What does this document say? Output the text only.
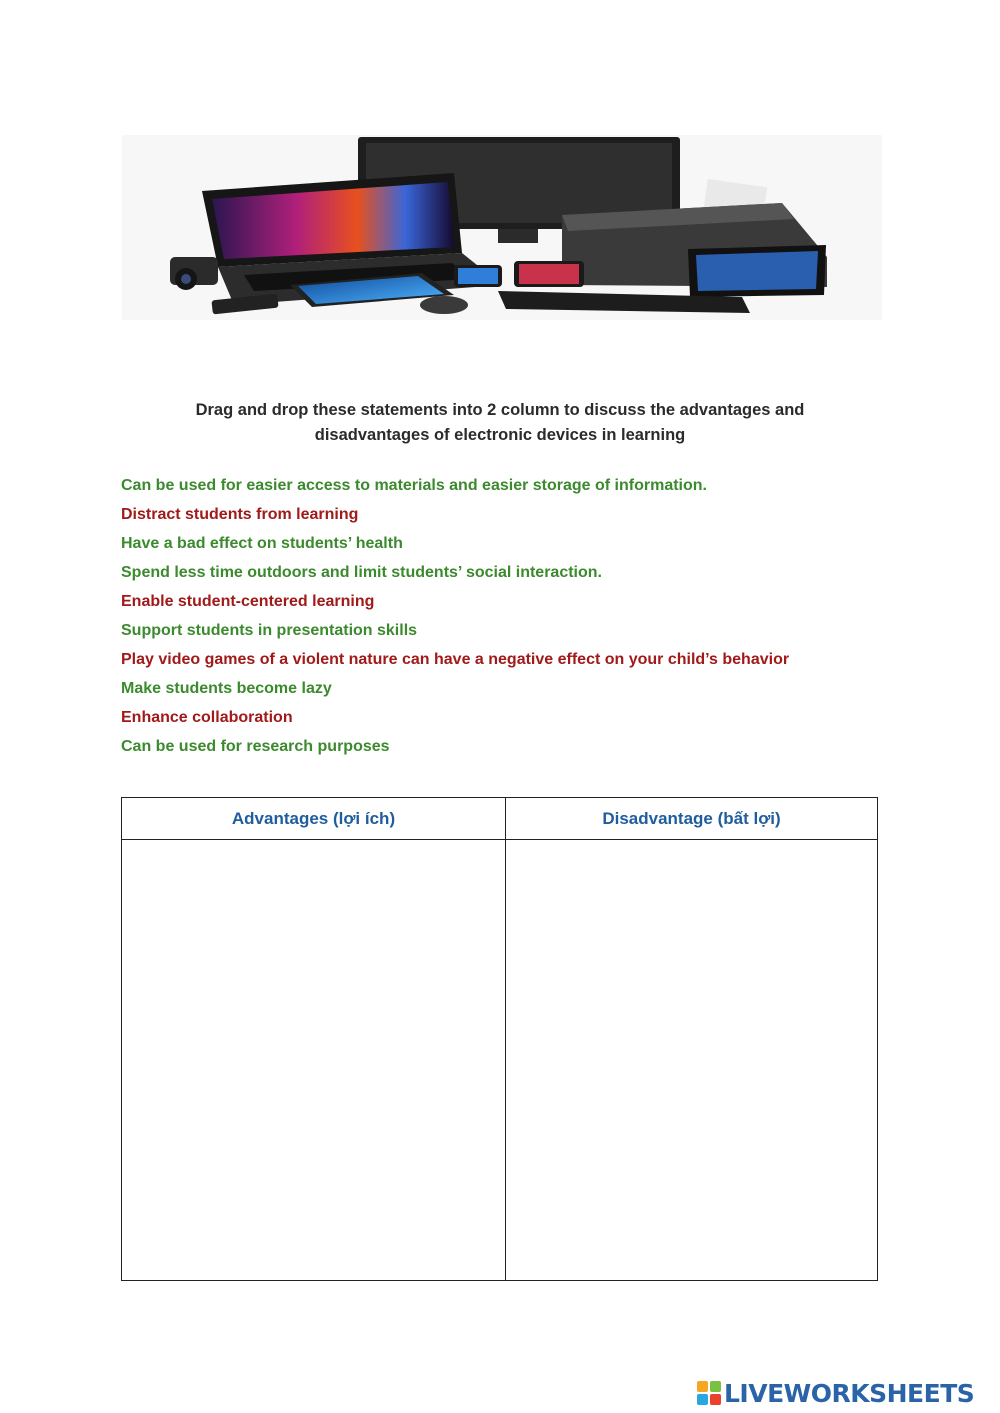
Drag and drop these statements into 2 column to discuss the advantages and
disadvantages of electronic devices in learning
Can be used for easier access to materials and easier storage of information.
Distract students from learning
Have a bad effect on students’ health
Spend less time outdoors and limit students’ social interaction.
Enable student-centered learning
Support students in presentation skills
Play video games of a violent nature can have a negative effect on your child’s behavior
Make students become lazy
Enhance collaboration
Can be used for research purposes
Advantages (lợi ích)	Disadvantage (bất lợi)

LIVEWORKSHEETS
